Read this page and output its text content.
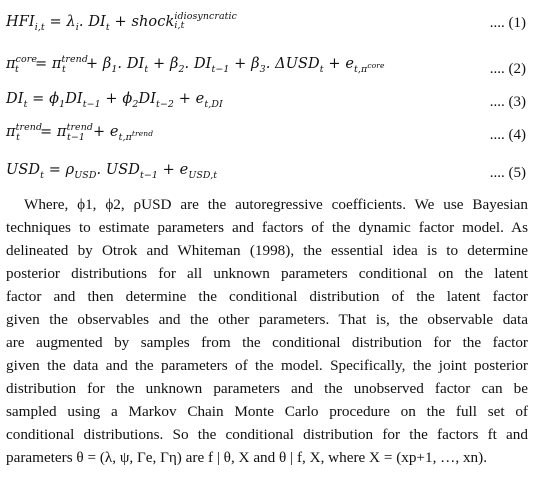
$HFI_{i,t} = \lambda_i$. $DI_t$ + shock idiosyncratic
i,t	.... (1)
$\pi^{core}_t = \pi^{trend}_t + \beta_1$. $DI_t + \beta_2$. $DI_{t-1} + \beta_3$. $\Delta USD_t + e_{t,\pi^{core}}$	.... (2)
$DI_t = \phi_1DI_{t-1} + \phi_2DI_{t-2} + e_{t,DI}$	.... (3)
$\pi^{trend}_t = \pi^{trend}_{t-1} + e_{t,\pi^{trend}}$	.... (4)
$USD_t = \rho_{USD}$. $USD_{t-1} + e_{USD,t}$	.... (5)
Where, ϕ1, ϕ2, ρUSD are the autoregressive coefficients. We use Bayesian
techniques to estimate parameters and factors of the dynamic factor model. As
delineated by Otrok and Whiteman (1998), the essential idea is to determine
posterior distributions for all unknown parameters conditional on the latent
factor and then determine the conditional distribution of the latent factor
given the observables and the other parameters. That is, the observable data
are augmented by samples from the conditional distribution for the factor
given the data and the parameters of the model. Specifically, the joint posterior
distribution for the unknown parameters and the unobserved factor can be
sampled using a Markov Chain Monte Carlo procedure on the full set of
conditional distributions. So the conditional distribution for the factors ft and
parameters θ = (λ, ψ, Γe, Γη) are f | θ, X and θ | f, X, where X = (xp+1, …, xn).
